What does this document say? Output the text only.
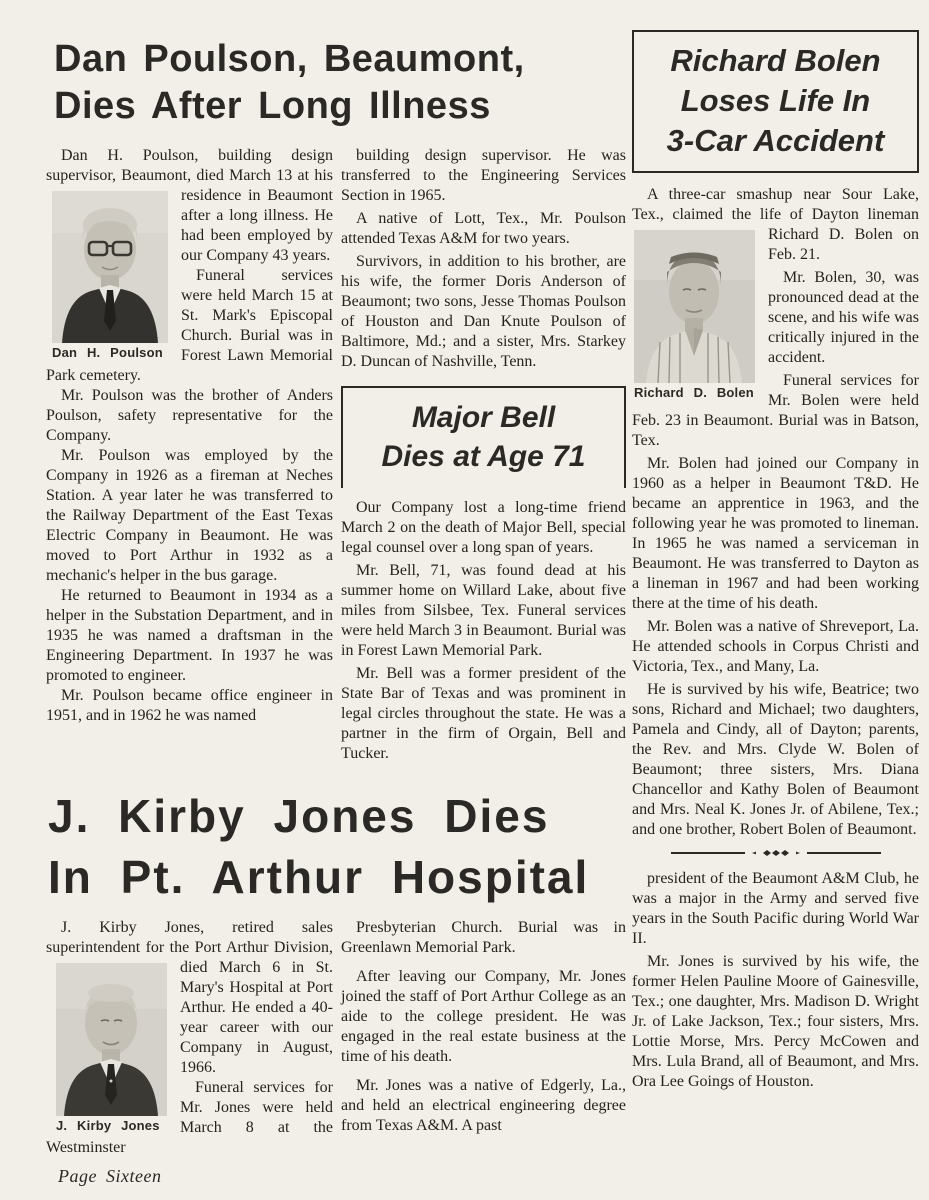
Dan Poulson, Beaumont,
Dies After Long Illness

Dan H. Poulson, building design supervisor, Beaumont, died March 13
Dan H. Poulson
at his residence in Beaumont after a long illness. He had been employed by our Company 43 years.

Funeral services were held March 15 at St. Mark's Episcopal Church. Burial was in Forest Lawn Memorial Park cemetery.

Mr. Poulson was the brother of Anders Poulson, safety representative for the Company.

Mr. Poulson was employed by the Company in 1926 as a fireman at Neches Station. A year later he was transferred to the Railway Department of the East Texas Electric Company in Beaumont. He was moved to Port Arthur in 1932 as a mechanic's helper in the bus garage.

He returned to Beaumont in 1934 as a helper in the Substation Department, and in 1935 he was named a draftsman in the Engineering Department. In 1937 he was promoted to engineer.

Mr. Poulson became office engineer in 1951, and in 1962 he was named

building design supervisor. He was transferred to the Engineering Services Section in 1965.

A native of Lott, Tex., Mr. Poulson attended Texas A&M for two years.

Survivors, in addition to his brother, are his wife, the former Doris Anderson of Beaumont; two sons, Jesse Thomas Poulson of Houston and Dan Knute Poulson of Baltimore, Md.; and a sister, Mrs. Starkey D. Duncan of Nashville, Tenn.

Major Bell
Dies at Age 71

Our Company lost a long-time friend March 2 on the death of Major Bell, special legal counsel over a long span of years.

Mr. Bell, 71, was found dead at his summer home on Willard Lake, about five miles from Silsbee, Tex. Funeral services were held March 3 in Beaumont. Burial was in Forest Lawn Memorial Park.

Mr. Bell was a former president of the State Bar of Texas and was prominent in legal circles throughout the state. He was a partner in the firm of Orgain, Bell and Tucker.

Richard Bolen
Loses Life In
3-Car Accident

A three-car smashup near Sour Lake, Tex., claimed the life of Dayton
Richard D. Bolen
lineman Richard D. Bolen on Feb. 21.

Mr. Bolen, 30, was pronounced dead at the scene, and his wife was critically injured in the accident.

Funeral services for Mr. Bolen were held Feb. 23 in Beaumont. Burial was in Batson, Tex.

Mr. Bolen had joined our Company in 1960 as a helper in Beaumont T&D. He became an apprentice in 1963, and the following year he was promoted to lineman. In 1965 he was named a serviceman in Beaumont. He was transferred to Dayton as a lineman in 1967 and had been working there at the time of his death.

Mr. Bolen was a native of Shreveport, La. He attended schools in Corpus Christi and Victoria, Tex., and Many, La.

He is survived by his wife, Beatrice; two sons, Richard and Michael; two daughters, Pamela and Cindy, all of Dayton; parents, the Rev. and Mrs. Clyde W. Bolen of Beaumont; three sisters, Mrs. Diana Chancellor and Kathy Bolen of Beaumont and Mrs. Neal K. Jones Jr. of Abilene, Tex.; and one brother, Robert Bolen of Beaumont.

president of the Beaumont A&M Club, he was a major in the Army and served five years in the South Pacific during World War II.

Mr. Jones is survived by his wife, the former Helen Pauline Moore of Gainesville, Tex.; one daughter, Mrs. Madison D. Wright Jr. of Lake Jackson, Tex.; four sisters, Mrs. Lottie Morse, Mrs. Percy McCowen and Mrs. Lula Brand, all of Beaumont, and Mrs. Ora Lee Goings of Houston.

J. Kirby Jones Dies
In Pt. Arthur Hospital

J. Kirby Jones, retired sales superintendent for the Port Arthur Division,
J. Kirby Jones
died March 6 in St. Mary's Hospital at Port Arthur. He ended a 40-year career with our Company in August, 1966.

Funeral services for Mr. Jones were held March 8 at the Westminster

Presbyterian Church. Burial was in Greenlawn Memorial Park.

After leaving our Company, Mr. Jones joined the staff of Port Arthur College as an aide to the college president. He was engaged in the real estate business at the time of his death.

Mr. Jones was a native of Edgerly, La., and held an electrical engineering degree from Texas A&M. A past

Page Sixteen
